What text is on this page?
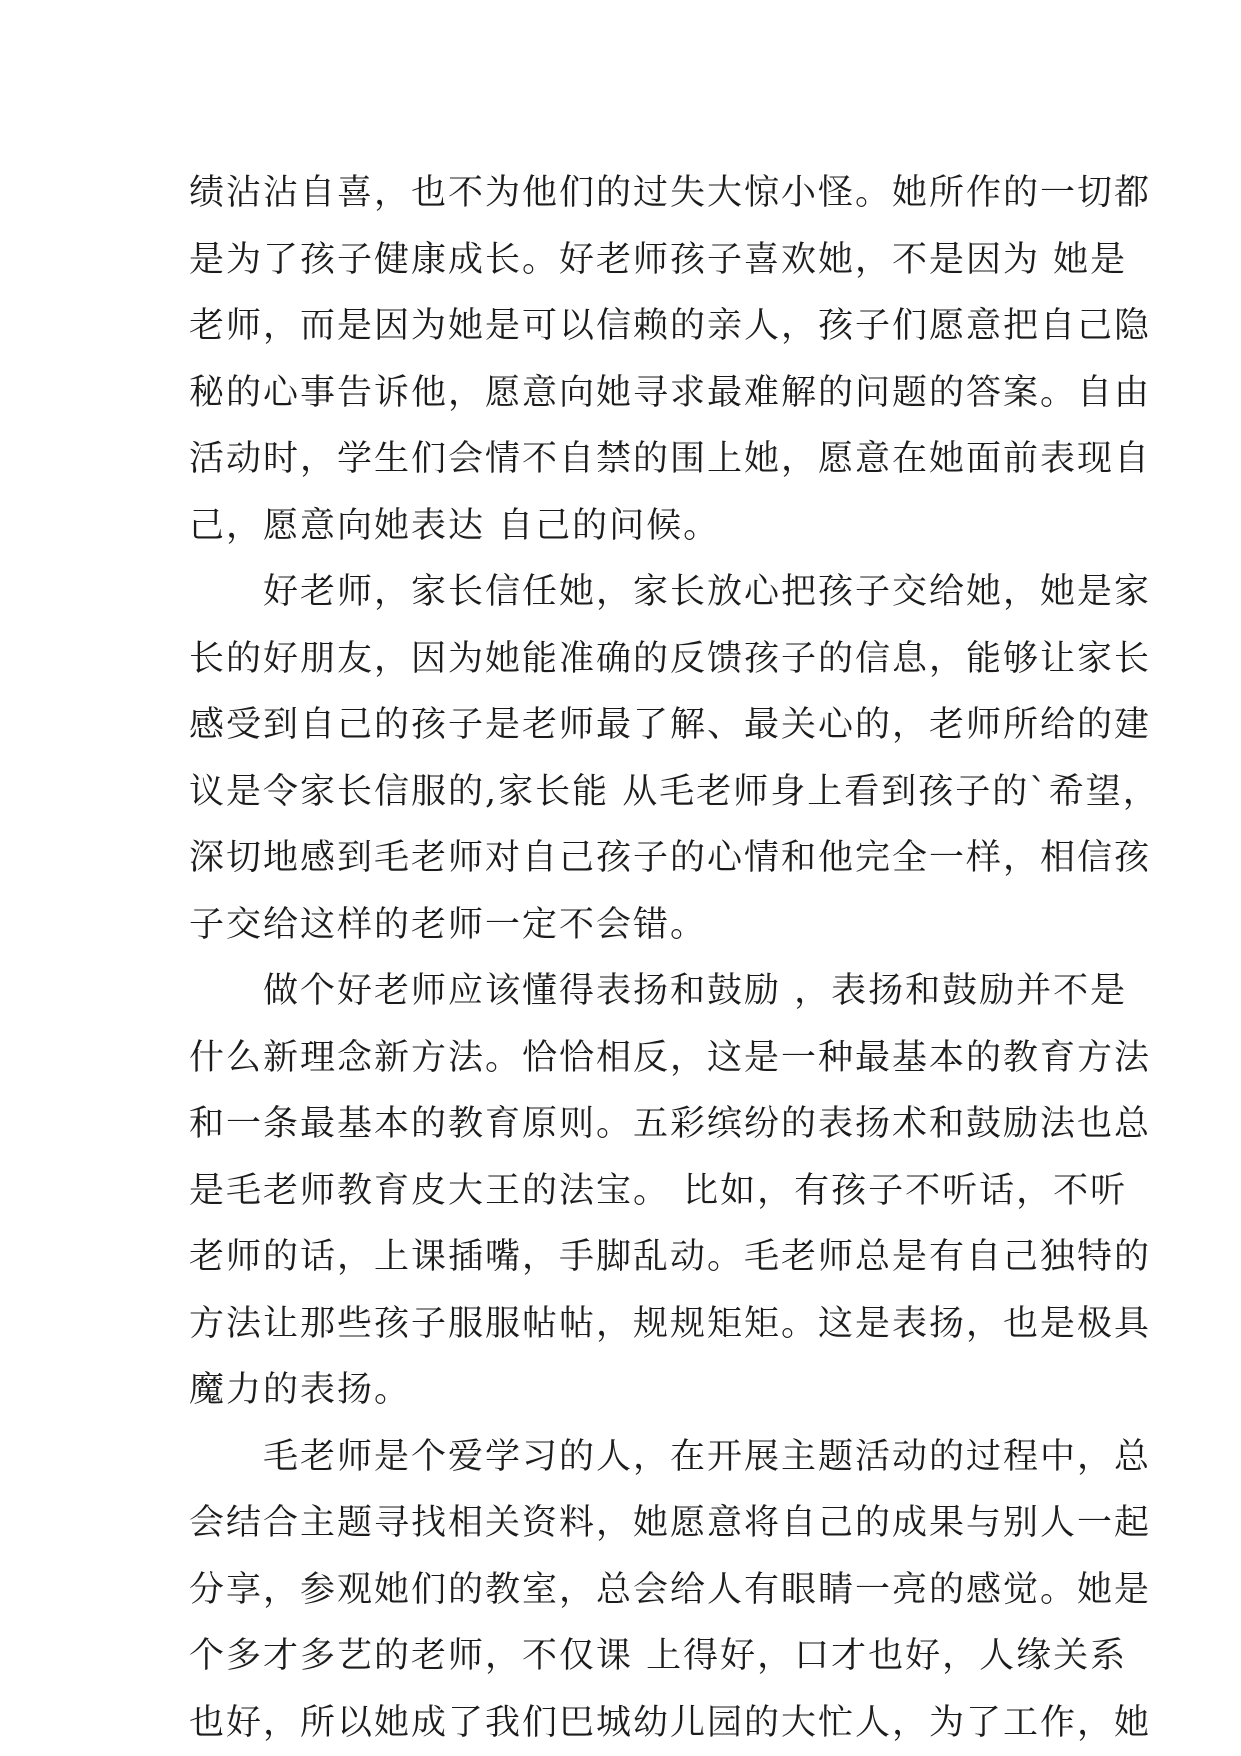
绩沾沾自喜，也不为他们的过失大惊小怪。她所作的一切都
是为了孩子健康成长。好老师孩子喜欢她，不是因为 她是
老师，而是因为她是可以信赖的亲人，孩子们愿意把自己隐
秘的心事告诉他，愿意向她寻求最难解的问题的答案。自由
活动时，学生们会情不自禁的围上她，愿意在她面前表现自
己，愿意向她表达 自己的问候。
　　好老师，家长信任她，家长放心把孩子交给她，她是家
长的好朋友，因为她能准确的反馈孩子的信息，能够让家长
感受到自己的孩子是老师最了解、最关心的，老师所给的建
议是令家长信服的,家长能 从毛老师身上看到孩子的`希望，
深切地感到毛老师对自己孩子的心情和他完全一样，相信孩
子交给这样的老师一定不会错。
　　做个好老师应该懂得表扬和鼓励 ，表扬和鼓励并不是
什么新理念新方法。恰恰相反，这是一种最基本的教育方法
和一条最基本的教育原则。五彩缤纷的表扬术和鼓励法也总
是毛老师教育皮大王的法宝。 比如，有孩子不听话，不听
老师的话，上课插嘴，手脚乱动。毛老师总是有自己独特的
方法让那些孩子服服帖帖，规规矩矩。这是表扬，也是极具
魔力的表扬。
　　毛老师是个爱学习的人，在开展主题活动的过程中，总
会结合主题寻找相关资料，她愿意将自己的成果与别人一起
分享，参观她们的教室，总会给人有眼睛一亮的感觉。她是
个多才多艺的老师，不仅课 上得好，口才也好，人缘关系
也好，所以她成了我们巴城幼儿园的大忙人，为了工作，她
